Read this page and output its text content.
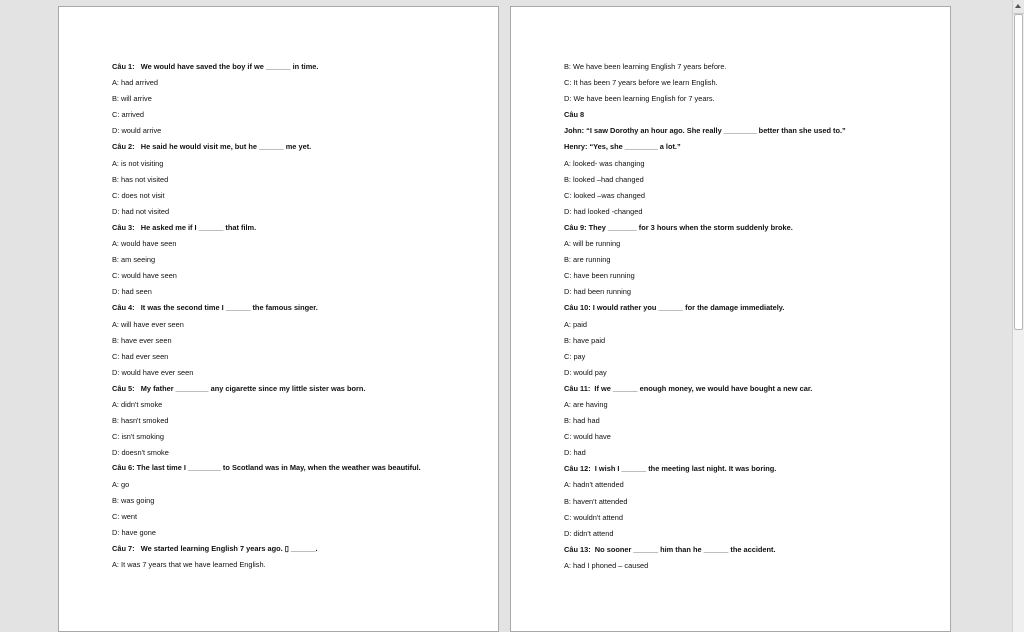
Câu 1:   We would have saved the boy if we ______ in time.
A: had arrived
B: will arrive
C: arrived
D: would arrive
Câu 2:   He said he would visit me, but he ______ me yet.
A: is not visiting
B: has not visited
C: does not visit
D: had not visited
Câu 3:   He asked me if I ______ that film.
A: would have seen
B: am seeing
C: would have seen
D: had seen
Câu 4:   It was the second time I ______ the famous singer.
A: will have ever seen
B: have ever seen
C: had ever seen
D: would have ever seen
Câu 5:   My father ________ any cigarette since my little sister was born.
A: didn't smoke
B: hasn't smoked
C: isn't smoking
D: doesn't smoke
Câu 6: The last time I ________ to Scotland was in May, when the weather was beautiful.
A: go
B: was going
C: went
D: have gone
Câu 7:   We started learning English 7 years ago. ▯ ______.
A: It was 7 years that we have learned English.
B: We have been learning English 7 years before.
C: It has been 7 years before we learn English.
D: We have been learning English for 7 years.
Câu 8
John: “I saw Dorothy an hour ago. She really ________ better than she used to.”
Henry: “Yes, she ________ a lot.”
A: looked- was changing
B: looked –had changed
C: looked –was changed
D: had looked -changed
Câu 9: They _______ for 3 hours when the storm suddenly broke.
A: will be running
B: are running
C: have been running
D: had been running
Câu 10: I would rather you ______ for the damage immediately.
A: paid
B: have paid
C: pay
D: would pay
Câu 11:  If we ______ enough money, we would have bought a new car.
A: are having
B: had had
C: would have
D: had
Câu 12:  I wish I ______ the meeting last night. It was boring.
A: hadn't attended
B: haven't attended
C: wouldn't attend
D: didn't attend
Câu 13:  No sooner ______ him than he ______ the accident.
A: had I phoned – caused
